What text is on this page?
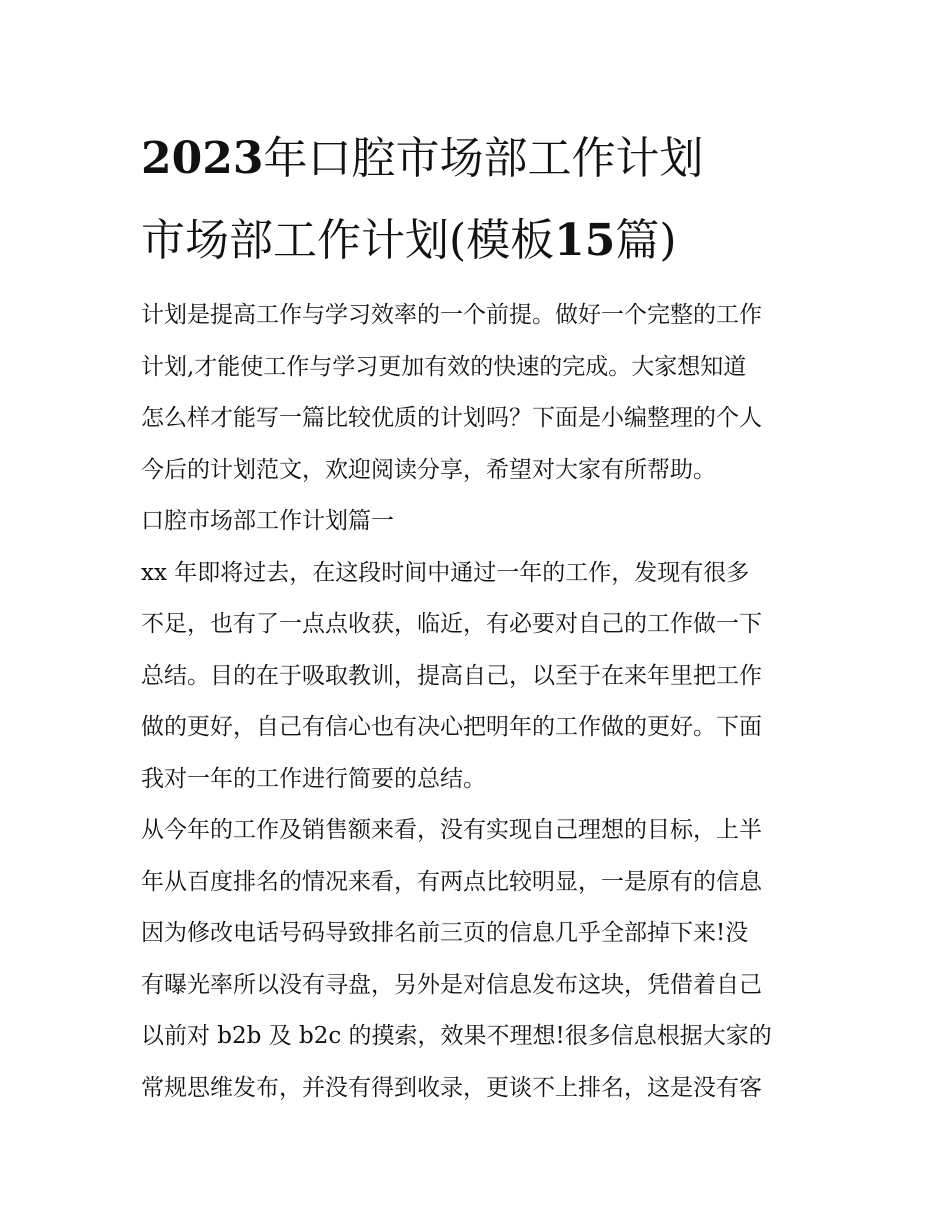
2023年口腔市场部工作计划
市场部工作计划(模板15篇)
计划是提高工作与学习效率的一个前提。做好一个完整的工作
计划,才能使工作与学习更加有效的快速的完成。大家想知道
怎么样才能写一篇比较优质的计划吗？下面是小编整理的个人
今后的计划范文，欢迎阅读分享，希望对大家有所帮助。
口腔市场部工作计划篇一
xx 年即将过去，在这段时间中通过一年的工作，发现有很多
不足，也有了一点点收获，临近，有必要对自己的工作做一下
总结。目的在于吸取教训，提高自己，以至于在来年里把工作
做的更好，自己有信心也有决心把明年的工作做的更好。下面
我对一年的工作进行简要的总结。
从今年的工作及销售额来看，没有实现自己理想的目标，上半
年从百度排名的情况来看，有两点比较明显，一是原有的信息
因为修改电话号码导致排名前三页的信息几乎全部掉下来!没
有曝光率所以没有寻盘，另外是对信息发布这块，凭借着自己
以前对 b2b 及 b2c 的摸索，效果不理想!很多信息根据大家的
常规思维发布，并没有得到收录，更谈不上排名，这是没有客
